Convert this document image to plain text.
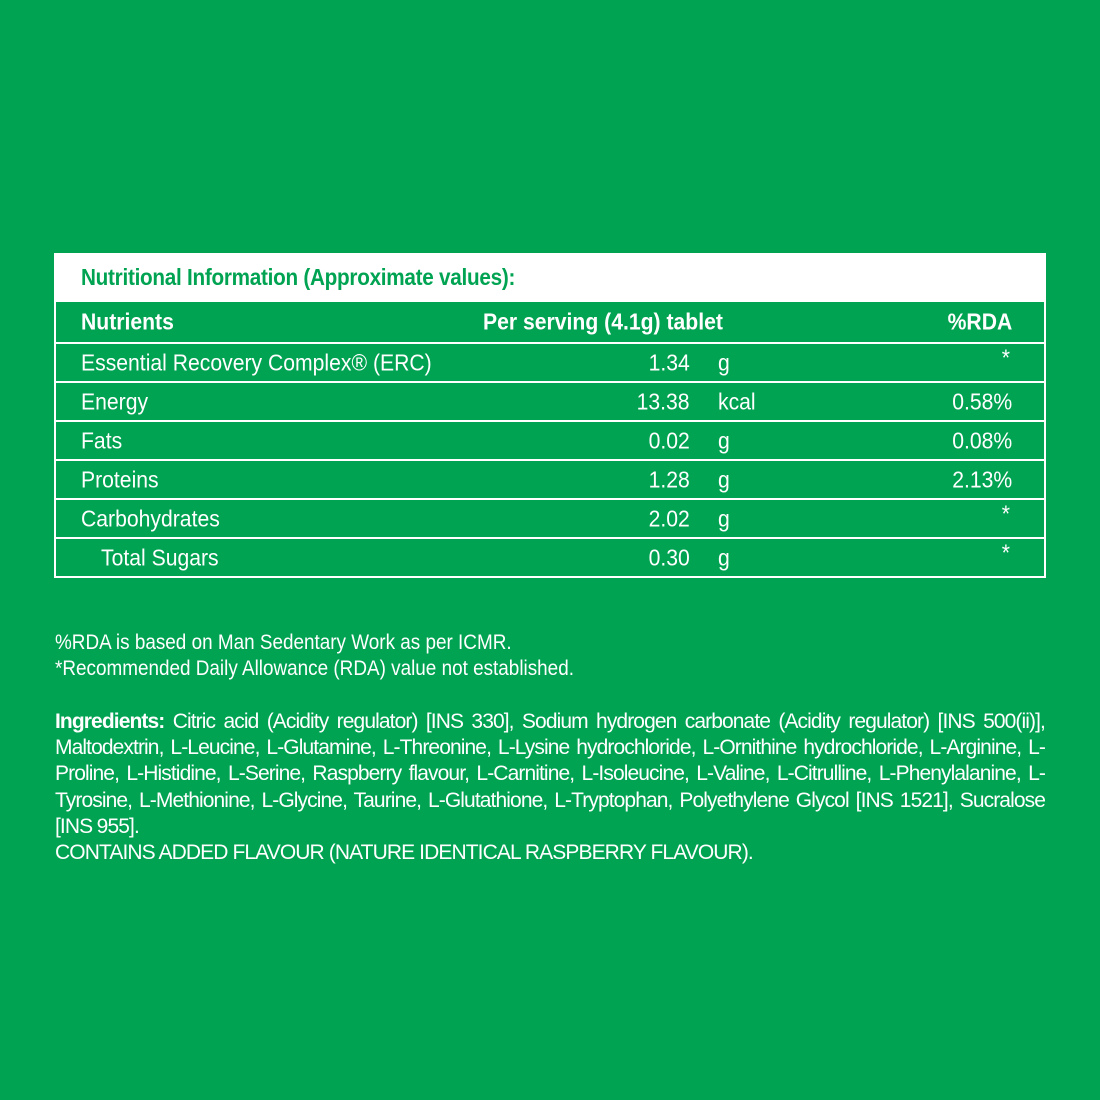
Nutritional Information (Approximate values):
Nutrients	Per serving (4.1g) tablet	%RDA

Essential Recovery Complex® (ERC)	1.34 g	*

Energy	13.38 kcal	0.58%

Fats	0.02 g	0.08%

Proteins	1.28 g	2.13%

Carbohydrates	2.02 g	*

Total Sugars	0.30 g	*

%RDA is based on Man Sedentary Work as per ICMR.

*Recommended Daily Allowance (RDA) value not established.

Ingredients: Citric acid (Acidity regulator) [INS 330], Sodium hydrogen carbonate (Acidity regulator) [INS 500(ii)], Maltodextrin, L-Leucine, L-Glutamine, L-Threonine, L-Lysine hydrochloride, L-Ornithine hydrochloride, L-Arginine, L-Proline, L-Histidine, L-Serine, Raspberry flavour, L-Carnitine, L-Isoleucine, L-Valine, L-Citrulline, L-Phenylalanine, L-Tyrosine, L-Methionine, L-Glycine, Taurine, L-Glutathione, L-Tryptophan, Polyethylene Glycol [INS 1521], Sucralose [INS 955].
CONTAINS ADDED FLAVOUR (NATURE IDENTICAL RASPBERRY FLAVOUR).
